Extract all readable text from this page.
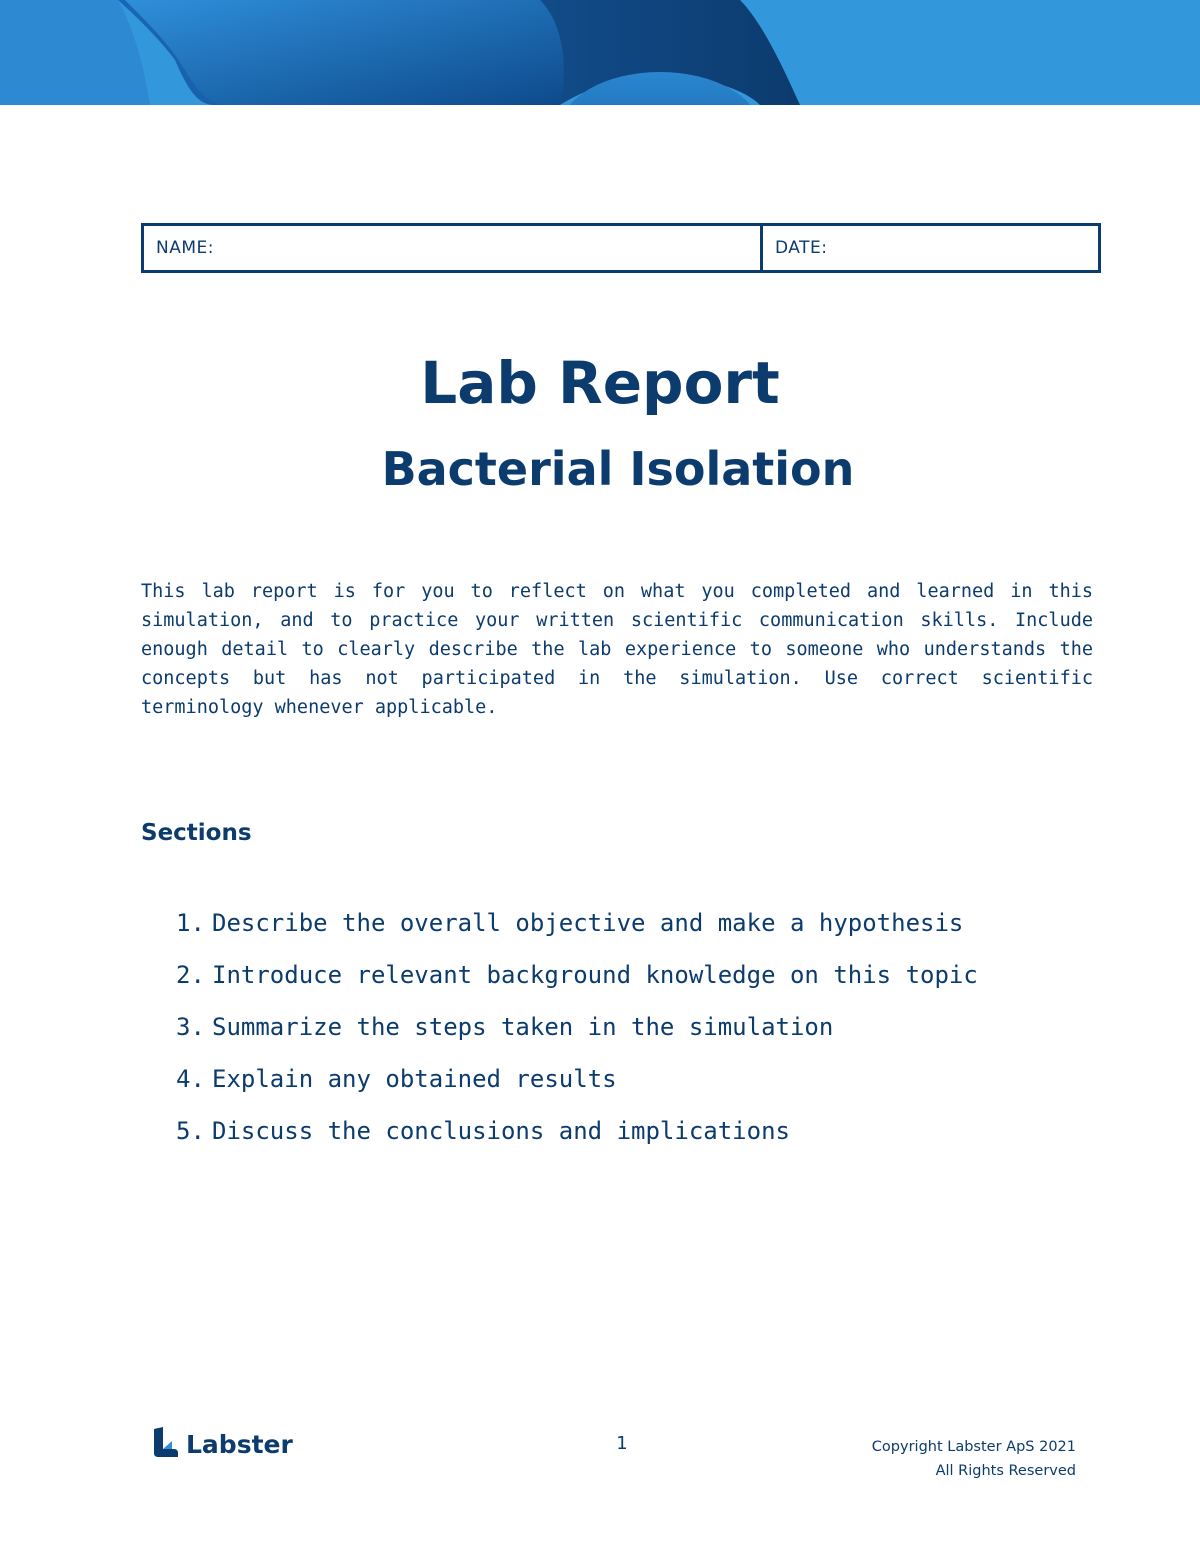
NAME:	DATE:
Lab Report
Bacterial Isolation

This lab report is for you to reflect on what you completed and learned in this simulation, and to practice your written scientific communication skills. Include enough detail to clearly describe the lab experience to someone who understands the concepts but has not participated in the simulation. Use correct scientific terminology whenever applicable.

Sections
1. Describe the overall objective and make a hypothesis
2. Introduce relevant background knowledge on this topic
3. Summarize the steps taken in the simulation
4. Explain any obtained results
5. Discuss the conclusions and implications
Labster	1	Copyright Labster ApS 2021
All Rights Reserved
